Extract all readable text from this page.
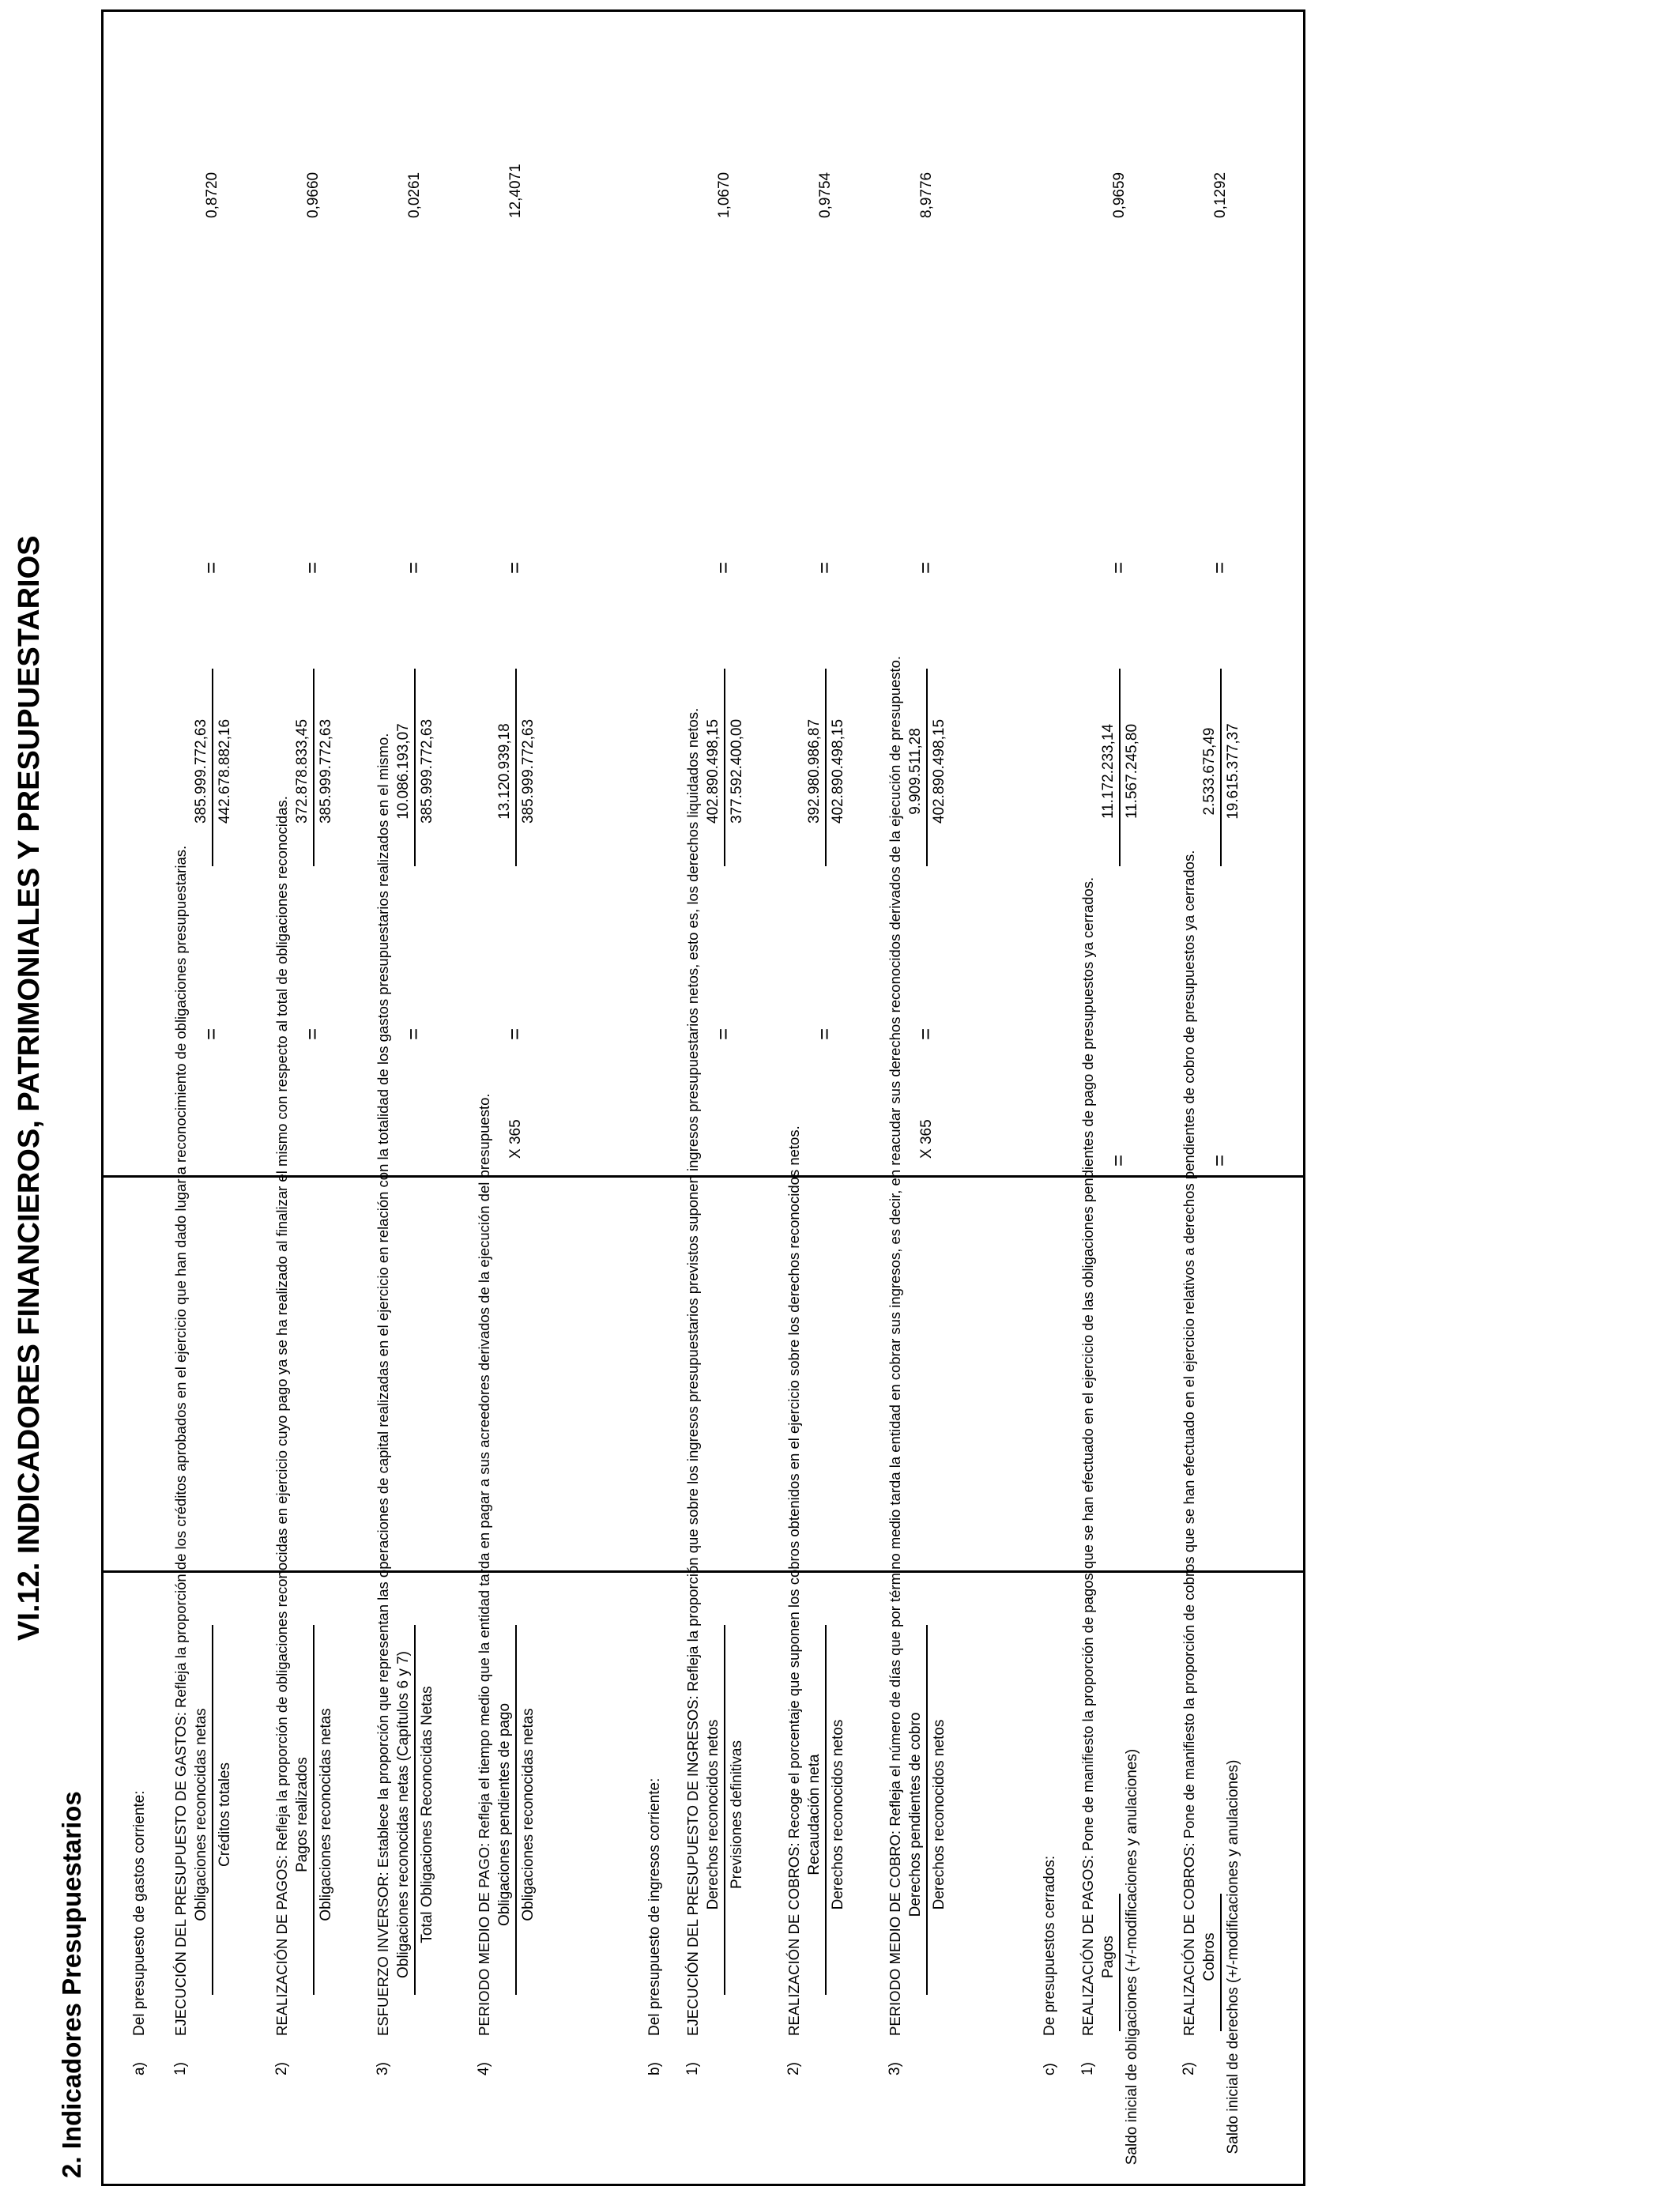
VI.12. INDICADORES FINANCIEROS, PATRIMONIALES Y PRESUPUESTARIOS
2. Indicadores Presupuestarios	a)
Del presupuesto de gastos corriente:
1)
EJECUCIÓN DEL PRESUPUESTO DE GASTOS: Refleja la proporción de los créditos aprobados en el ejercicio que han dado lugar a reconocimiento de obligaciones presupuestarias. Obligaciones reconocidas netas Créditos totales
=
385.999.772,63 442.678.882,16
=
0,8720
2)
REALIZACIÓN DE PAGOS: Refleja la proporción de obligaciones reconocidas en ejercicio cuyo pago ya se ha realizado al finalizar el mismo con respecto al total de obligaciones reconocidas. Pagos realizados Obligaciones reconocidas netas
=
372.878.833,45 385.999.772,63
=
0,9660
3)
ESFUERZO INVERSOR: Establece la proporción que representan las operaciones de capital realizadas en el ejercicio en relación con la totalidad de los gastos presupuestarios realizados en el mismo. Obligaciones reconocidas netas (Capítulos 6 y 7) Total Obligaciones Reconocidas Netas
=
10.086.193,07 385.999.772,63
=
0,0261
4)
PERIODO MEDIO DE PAGO: Refleja el tiempo medio que la entidad tarda en pagar a sus acreedores derivados de la ejecución del presupuesto. Obligaciones pendientes de pago Obligaciones reconocidas netas
X 365
=
13.120.939,18 385.999.772,63
=
12,4071
b)
Del presupuesto de ingresos corriente:
1)
EJECUCIÓN DEL PRESUPUESTO DE INGRESOS: Refleja la proporción que sobre los ingresos presupuestarios previstos suponen ingresos presupuestarios netos, esto es, los derechos liquidados netos. Derechos reconocidos netos Previsiones definitivas
=
402.890.498,15 377.592.400,00
=
1,0670
2)
REALIZACIÓN DE COBROS: Recoge el porcentaje que suponen los cobros obtenidos en el ejercicio sobre los derechos reconocidos netos. Recaudación neta Derechos reconocidos netos
=
392.980.986,87 402.890.498,15
=
0,9754
3)
PERIODO MEDIO DE COBRO: Refleja el número de días que por término medio tarda la entidad en cobrar sus ingresos, es decir, en reacudar sus derechos reconocidos derivados de la ejecución de presupuesto. Derechos pendientes de cobro Derechos reconocidos netos
X 365
=
9.909.511,28 402.890.498,15
=
8,9776
c)
De presupuestos cerrados:
1)
REALIZACIÓN DE PAGOS: Pone de manifiesto la proporción de pagos que se han efectuado en el ejercicio de las obligaciones pendientes de pago de presupuestos ya cerrados. Pagos Saldo inicial de obligaciones (+/-modificaciones y anulaciones)
=
11.172.233,14 11.567.245,80
=
0,9659
2)
REALIZACIÓN DE COBROS: Pone de manifiesto la proporción de cobros que se han efectuado en el ejercicio relativos a derechos pendientes de cobro de presupuestos ya cerrados. Cobros Saldo inicial de derechos (+/-modificaciones y anulaciones)
=
2.533.675,49 19.615.377,37
=
0,1292
